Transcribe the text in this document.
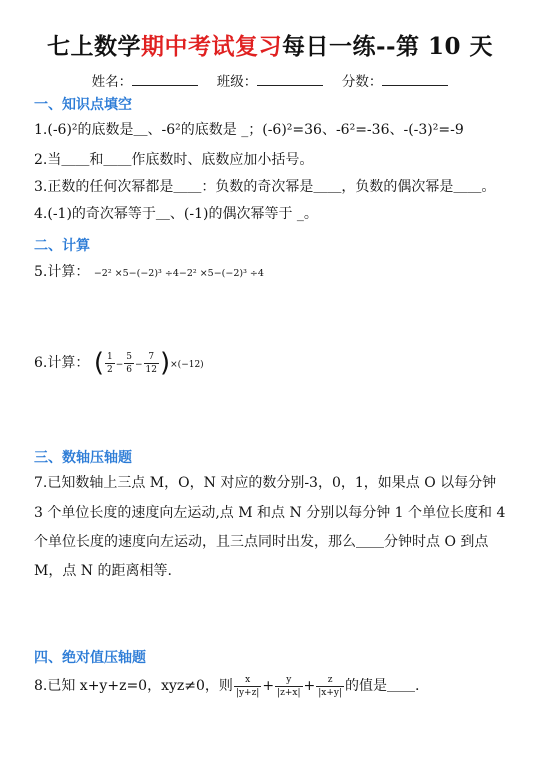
七上数学期中考试复习每日一练--第 10 天
姓名：	班级：	分数：
一、知识点填空
1.(-6)²的底数是＿、-6²的底数是 _；(-6)²=36、-6²=-36、-(-3)²=-9
2.当＿＿和＿＿作底数时、底数应加小括号。
3.正数的任何次幂都是＿＿：负数的奇次幂是＿＿，负数的偶次幂是＿＿。
4.(-1)的奇次幂等于＿、(-1)的偶次幂等于 _。
二、计算
5.计算： −2² ×5−(−2)³ ÷4−2² ×5−(−2)³ ÷4
6.计算： ( $\frac{1}{2} - \frac{5}{6} - \frac{7}{12} )\times(-12)$
三、数轴压轴题
7.已知数轴上三点 M，O，N 对应的数分别-3，0，1，如果点 O 以每分钟
3 个单位长度的速度向左运动,点 M 和点 N 分别以每分钟 1 个单位长度和 4
个单位长度的速度向左运动，且三点同时出发，那么＿＿分钟时点 O 到点
M，点 N 的距离相等.
四、绝对值压轴题
8.已知 x+y+z=0，xyz≠0，则 $\frac{x}{|y+z|} + \frac{y}{|z+x|} + \frac{z}{|x+y|}$ 的值是＿＿.
